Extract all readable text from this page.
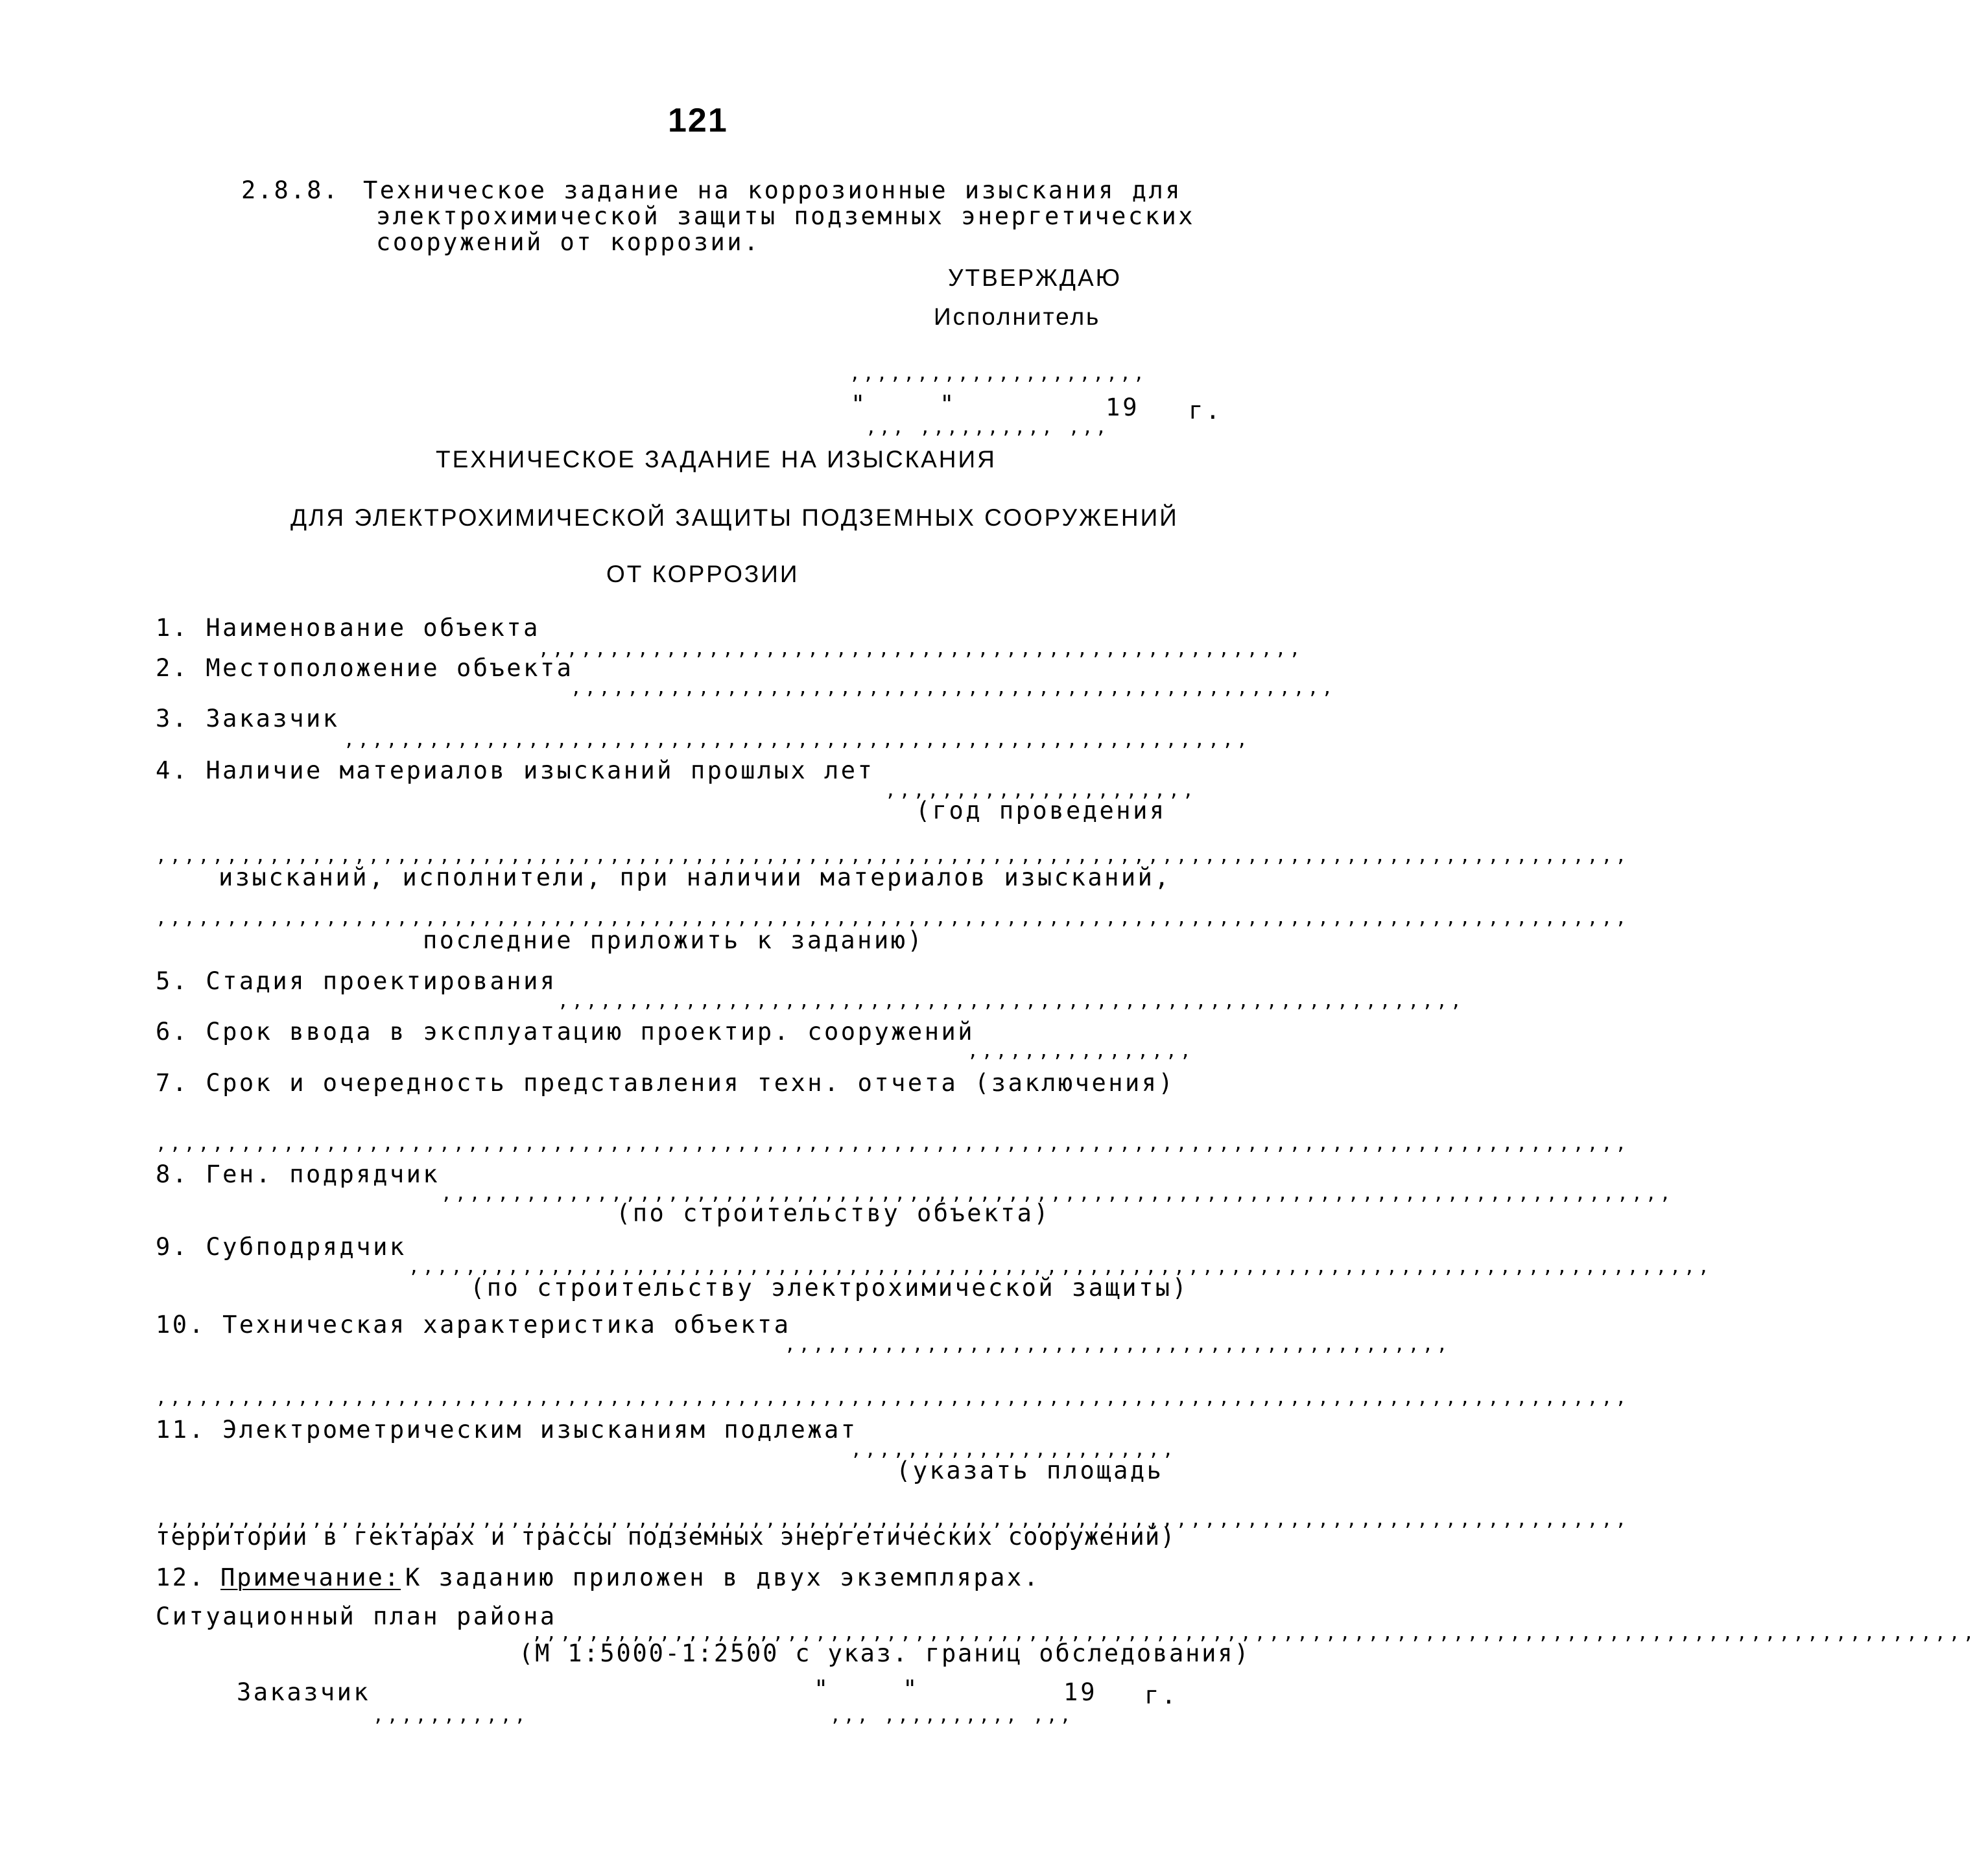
121
2.8.8. Техническое задание на коррозионные изыскания для
электрохимической защиты подземных энергетических
сооружений от коррозии.
УТВЕРЖДАЮ
Исполнитель
,,,,,,,,,,,,,,,,,,,,,,
"   "	19 г.
,,, ,,,,,,,,,, ,,,
ТЕХНИЧЕСКОЕ ЗАДАНИЕ НА ИЗЫСКАНИЯ
ДЛЯ ЭЛЕКТРОХИМИЧЕСКОЙ ЗАЩИТЫ ПОДЗЕМНЫХ СООРУЖЕНИЙ
ОТ КОРРОЗИИ
1. Наименование объекта
,,,,,,,,,,,,,,,,,,,,,,,,,,,,,,,,,,,,,,,,,,,,,,,,,,,,,,
2. Местоположение объекта
,,,,,,,,,,,,,,,,,,,,,,,,,,,,,,,,,,,,,,,,,,,,,,,,,,,,,,
3. Заказчик
,,,,,,,,,,,,,,,,,,,,,,,,,,,,,,,,,,,,,,,,,,,,,,,,,,,,,,,,,,,,,,,,
4. Наличие материалов изысканий прошлых лет
,,,,,,,,,,,,,,,,,,,,,,
(год проведения
,,,,,,,,,,,,,,,,,,,,,,,,,,,,,,,,,,,,,,,,,,,,,,,,,,,,,,,,,,,,,,,,,,,,,,,,,,,,,,,,,,,,,,,,,,,,,,,,,,,,,,,,
изысканий, исполнители, при наличии материалов изысканий,
,,,,,,,,,,,,,,,,,,,,,,,,,,,,,,,,,,,,,,,,,,,,,,,,,,,,,,,,,,,,,,,,,,,,,,,,,,,,,,,,,,,,,,,,,,,,,,,,,,,,,,,,
последние приложить к заданию)
5. Стадия проектирования
,,,,,,,,,,,,,,,,,,,,,,,,,,,,,,,,,,,,,,,,,,,,,,,,,,,,,,,,,,,,,,,,
6. Срок ввода в эксплуатацию проектир. сооружений
,,,,,,,,,,,,,,,,
7. Срок и очередность представления техн. отчета (заключения)
,,,,,,,,,,,,,,,,,,,,,,,,,,,,,,,,,,,,,,,,,,,,,,,,,,,,,,,,,,,,,,,,,,,,,,,,,,,,,,,,,,,,,,,,,,,,,,,,,,,,,,,,
8. Ген. подрядчик
,,,,,,,,,,,,,,,,,,,,,,,,,,,,,,,,,,,,,,,,,,,,,,,,,,,,,,,,,,,,,,,,,,,,,,,,,,,,,,,,,,,,,,,
(по строительству объекта)
9. Субподрядчик
,,,,,,,,,,,,,,,,,,,,,,,,,,,,,,,,,,,,,,,,,,,,,,,,,,,,,,,,,,,,,,,,,,,,,,,,,,,,,,,,,,,,,,,,,,,,
(по строительству электрохимической защиты)
10. Техническая характеристика объекта
,,,,,,,,,,,,,,,,,,,,,,,,,,,,,,,,,,,,,,,,,,,,,,,
,,,,,,,,,,,,,,,,,,,,,,,,,,,,,,,,,,,,,,,,,,,,,,,,,,,,,,,,,,,,,,,,,,,,,,,,,,,,,,,,,,,,,,,,,,,,,,,,,,,,,,,,
11. Электрометрическим изысканиям подлежат
,,,,,,,,,,,,,,,,,,,,,,,
(указать площадь
,,,,,,,,,,,,,,,,,,,,,,,,,,,,,,,,,,,,,,,,,,,,,,,,,,,,,,,,,,,,,,,,,,,,,,,,,,,,,,,,,,,,,,,,,,,,,,,,,,,,,,,,
территории в гектарах и трассы подземных энергетических сооружений)
12. Примечание: К заданию приложен в двух экземплярах.
Ситуационный план района
,,,,,,,,,,,,,,,,,,,,,,,,,,,,,,,,,,,,,,,,,,,,,,,,,,,,,,,,,,,,,,,,,,,,,,,,,,,,,,,,,,,,,,,,,,,,,,,,,,,,,,
(М 1:5000-1:2500 с указ. границ обследования)
Заказчик	"   "	19 г.
,,,,,,,,,,,	,,, ,,,,,,,,,, ,,,
